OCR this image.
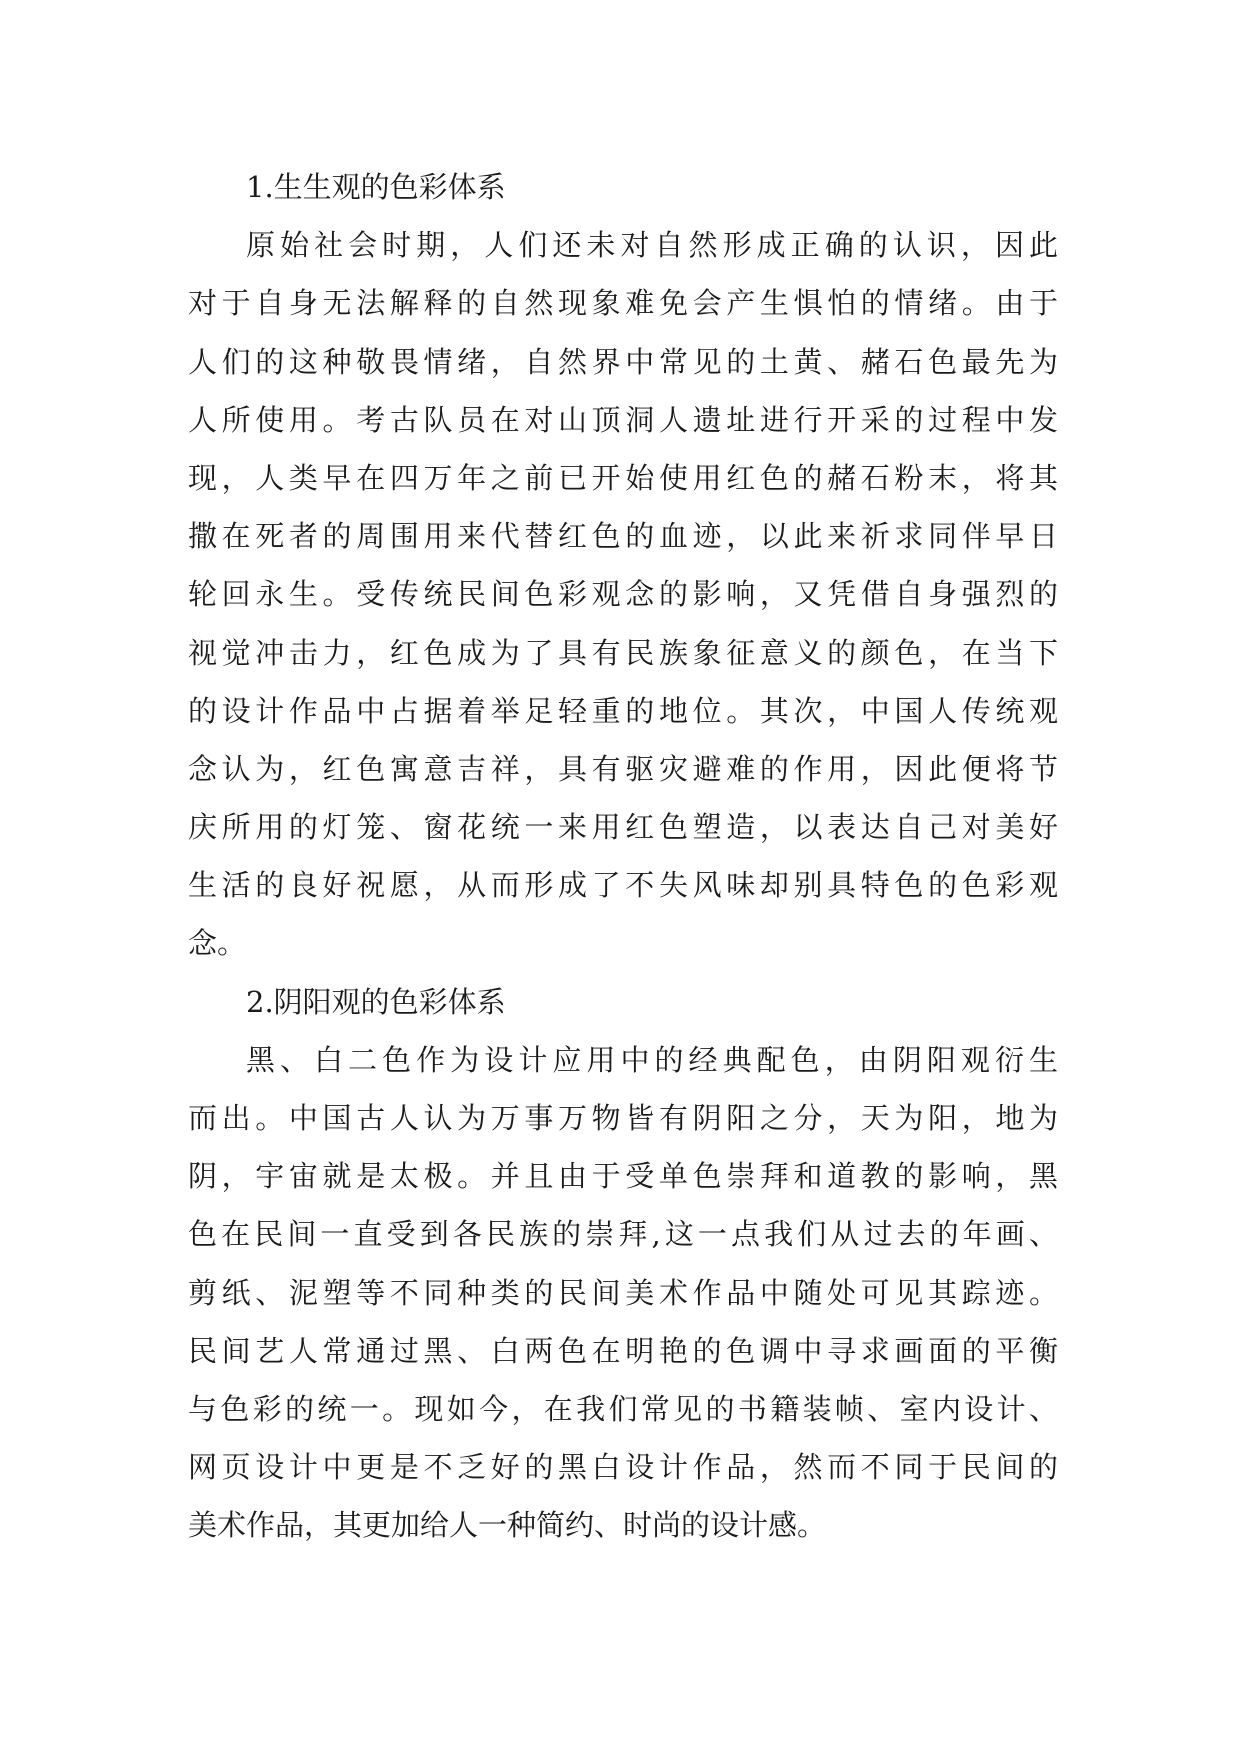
1.生生观的色彩体系
原始社会时期，人们还未对自然形成正确的认识，因此
对于自身无法解释的自然现象难免会产生惧怕的情绪。由于
人们的这种敬畏情绪，自然界中常见的土黄、赭石色最先为
人所使用。考古队员在对山顶洞人遗址进行开采的过程中发
现，人类早在四万年之前已开始使用红色的赭石粉末，将其
撒在死者的周围用来代替红色的血迹，以此来祈求同伴早日
轮回永生。受传统民间色彩观念的影响，又凭借自身强烈的
视觉冲击力，红色成为了具有民族象征意义的颜色，在当下
的设计作品中占据着举足轻重的地位。其次，中国人传统观
念认为，红色寓意吉祥，具有驱灾避难的作用，因此便将节
庆所用的灯笼、窗花统一来用红色塑造，以表达自己对美好
生活的良好祝愿，从而形成了不失风味却别具特色的色彩观
念。
2.阴阳观的色彩体系
黑、白二色作为设计应用中的经典配色，由阴阳观衍生
而出。中国古人认为万事万物皆有阴阳之分，天为阳，地为
阴，宇宙就是太极。并且由于受单色崇拜和道教的影响，黑
色在民间一直受到各民族的崇拜,这一点我们从过去的年画、
剪纸、泥塑等不同种类的民间美术作品中随处可见其踪迹。
民间艺人常通过黑、白两色在明艳的色调中寻求画面的平衡
与色彩的统一。现如今，在我们常见的书籍装帧、室内设计、
网页设计中更是不乏好的黑白设计作品，然而不同于民间的
美术作品，其更加给人一种简约、时尚的设计感。
